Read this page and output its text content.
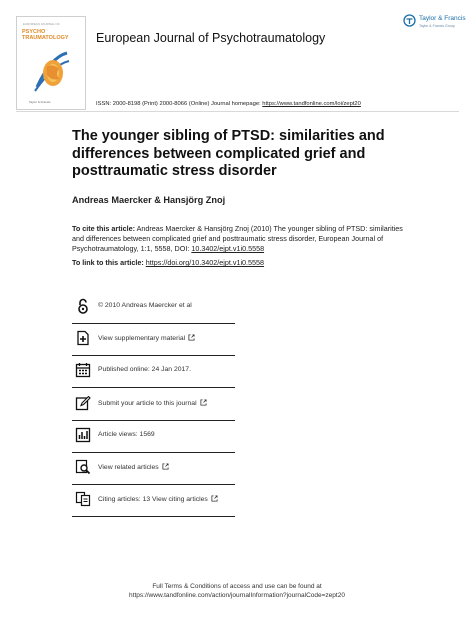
EUROPEAN JOURNAL OF
PSYCHO
TRAUMATOLOGY
Taylor & Francis
European Journal of Psychotraumatology
Taylor & Francis
Taylor & Francis Group
ISSN: 2000-8198 (Print) 2000-8066 (Online) Journal homepage: https://www.tandfonline.com/loi/zept20
The younger sibling of PTSD: similarities and differences between complicated grief and posttraumatic stress disorder
Andreas Maercker & Hansjörg Znoj
To cite this article: Andreas Maercker & Hansjörg Znoj (2010) The younger sibling of PTSD: similarities and differences between complicated grief and posttraumatic stress disorder, European Journal of Psychotraumatology, 1:1, 5558, DOI: 10.3402/ejpt.v1i0.5558
To link to this article: https://doi.org/10.3402/ejpt.v1i0.5558
© 2010 Andreas Maercker et al
View supplementary material
Published online: 24 Jan 2017.
Submit your article to this journal
Article views: 1569
View related articles
Citing articles: 13 View citing articles
Full Terms & Conditions of access and use can be found at
https://www.tandfonline.com/action/journalInformation?journalCode=zept20
